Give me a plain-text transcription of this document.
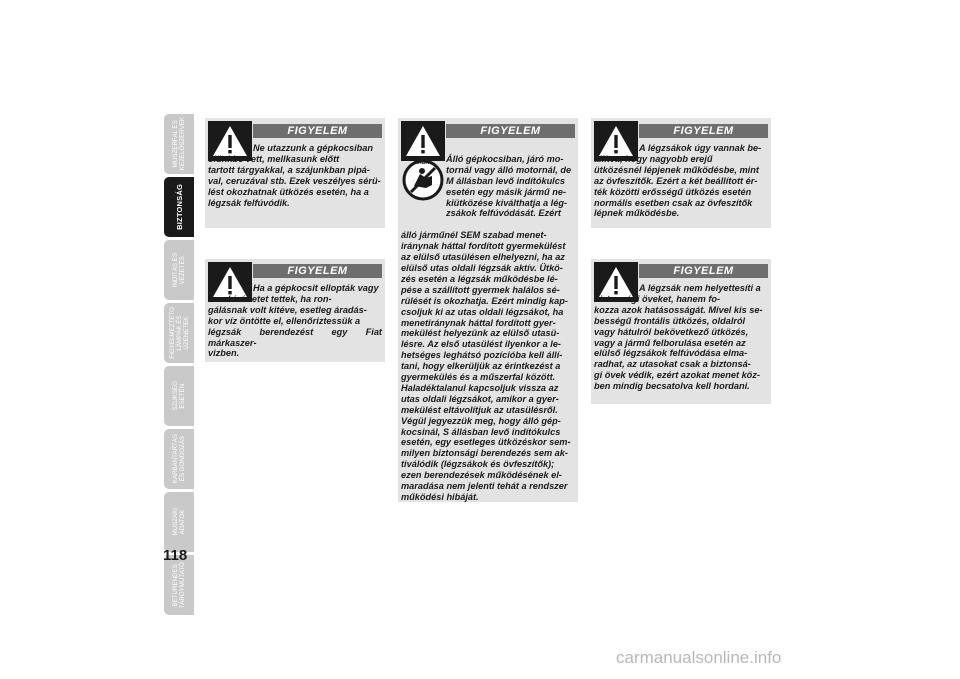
MŰSZERFAL ÉS
KEZELŐSZERVEK
BIZTONSÁG
INDÍTÁS ÉS
VEZETÉS
FIGYELMEZTETŐ
LÁMPÁK ÉS
ÜZENETEK
SZÜKSÉG
ESETÉN
KARBANTARTÁS
ÉS GONDOZÁS
MŰSZAKI
ADATOK
BETŰRENDES
TÁRGYMUTATÓ
118
FIGYELEM
Ne utazzunk a gépkocsiban
ölünkbe vett, mellkasunk előtt
tartott tárgyakkal, a szájunkban pipá-
val, ceruzával stb. Ezek veszélyes sérü-
lést okozhatnak ütközés esetén, ha a
légzsák felfúvódik.
FIGYELEM
Ha a gépkocsit ellopták vagy
erre kísérletet tettek, ha ron-
gálásnak volt kitéve, esetleg áradás-
kor víz öntötte el, ellenőriztessük a
légzsák berendezést egy Fiat márkaszer-
vizben.
AIRBAG
FIGYELEM

Álló gépkocsiban, járó mo-
tornál vagy álló motornál, de
M állásban levő indítókulcs
esetén egy másik jármű ne-
kiütközése kiválthatja a lég-
zsákok felfúvódását. Ezért

álló járműnél SEM szabad menet-
iránynak háttal fordított gyermekülést
az elülső utasülésen elhelyezni, ha az
elülső utas oldali légzsák aktív. Ütkö-
zés esetén a légzsák működésbe lé-
pése a szállított gyermek halálos sé-
rülését is okozhatja. Ezért mindig kap-
csoljuk ki az utas oldali légzsákot, ha
menetiránynak háttal fordított gyer-
mekülést helyezünk az elülső utasü-
lésre. Az első utasülést ilyenkor a le-
hetséges leghátsó pozícióba kell állí-
tani, hogy elkerüljük az érintkezést a
gyermekülés és a műszerfal között.
Haladéktalanul kapcsoljuk vissza az
utas oldali légzsákot, amikor a gyer-
mekülést eltávolítjuk az utasülésről.
Végül jegyezzük meg, hogy álló gép-
kocsinál, S állásban levő indítókulcs
esetén, egy esetleges ütközéskor sem-
milyen biztonsági berendezés sem ak-
tiválódik (légzsákok és övfeszítők);
ezen berendezések működésének el-
maradása nem jelenti tehát a rendszer
működési hibáját.

FIGYELEM
A légzsákok úgy vannak be-
állítva, hogy nagyobb erejű
ütközésnél lépjenek működésbe, mint
az övfeszítők. Ezért a két beállított ér-
ték közötti erősségű ütközés esetén
normális esetben csak az övfeszítők
lépnek működésbe.
FIGYELEM
A légzsák nem helyettesíti a
biztonsági öveket, hanem fo-
kozza azok hatásosságát. Mivel kis se-
bességű frontális ütközés, oldalról
vagy hátulról bekövetkező ütközés,
vagy a jármű felborulása esetén az
elülső légzsákok felfúvódása elma-
radhat, az utasokat csak a biztonsá-
gi övek védik, ezért azokat menet köz-
ben mindig becsatolva kell hordani.
carmanualsonline.info
